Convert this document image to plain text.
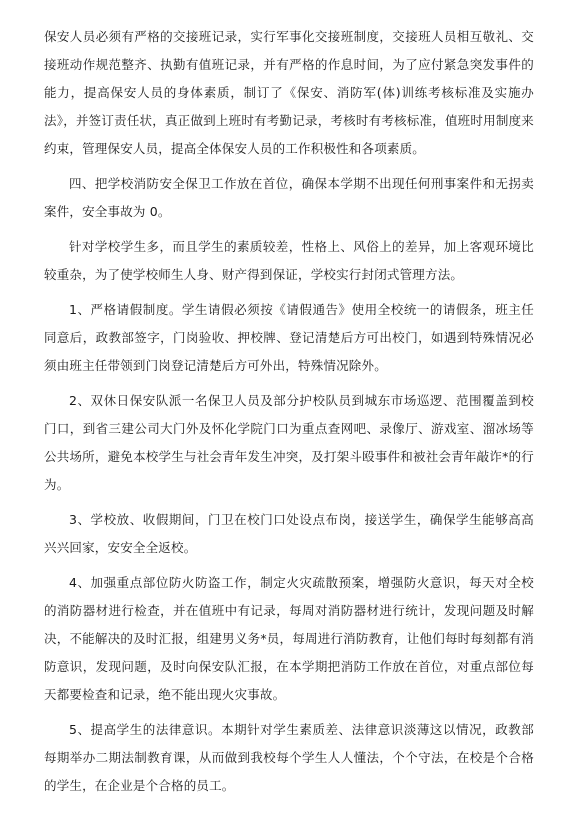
保安人员必须有严格的交接班记录，实行军事化交接班制度，交接班人员相互敬礼、交接班动作规范整齐、执勤有值班记录，并有严格的作息时间，为了应付紧急突发事件的能力，提高保安人员的身体素质，制订了《保安、消防军(体)训练考核标准及实施办法》，并签订责任状，真正做到上班时有考勤记录，考核时有考核标准，值班时用制度来约束，管理保安人员，提高全体保安人员的工作积极性和各项素质。

四、把学校消防安全保卫工作放在首位，确保本学期不出现任何刑事案件和无拐卖案件，安全事故为 0。

针对学校学生多，而且学生的素质较差，性格上、风俗上的差异，加上客观环境比较重杂，为了使学校师生人身、财产得到保证，学校实行封闭式管理方法。

1、严格请假制度。学生请假必须按《请假通告》使用全校统一的请假条，班主任同意后，政教部签字，门岗验收、押校牌、登记清楚后方可出校门，如遇到特殊情况必须由班主任带领到门岗登记清楚后方可外出，特殊情况除外。

2、双休日保安队派一名保卫人员及部分护校队员到城东市场巡逻、范围覆盖到校门口，到省三建公司大门外及怀化学院门口为重点查网吧、录像厅、游戏室、溜冰场等公共场所，避免本校学生与社会青年发生冲突，及打架斗殴事件和被社会青年敲诈*的行为。

3、学校放、收假期间，门卫在校门口处设点布岗，接送学生，确保学生能够高高兴兴回家，安安全全返校。

4、加强重点部位防火防盗工作，制定火灾疏散预案，增强防火意识，每天对全校的消防器材进行检查，并在值班中有记录，每周对消防器材进行统计，发现问题及时解决，不能解决的及时汇报，组建男义务*员，每周进行消防教育，让他们每时每刻都有消防意识，发现问题，及时向保安队汇报，在本学期把消防工作放在首位，对重点部位每天都要检查和记录，绝不能出现火灾事故。

5、提高学生的法律意识。本期针对学生素质差、法律意识淡薄这以情况，政教部每期举办二期法制教育课，从而做到我校每个学生人人懂法，个个守法，在校是个合格的学生，在企业是个合格的员工。
